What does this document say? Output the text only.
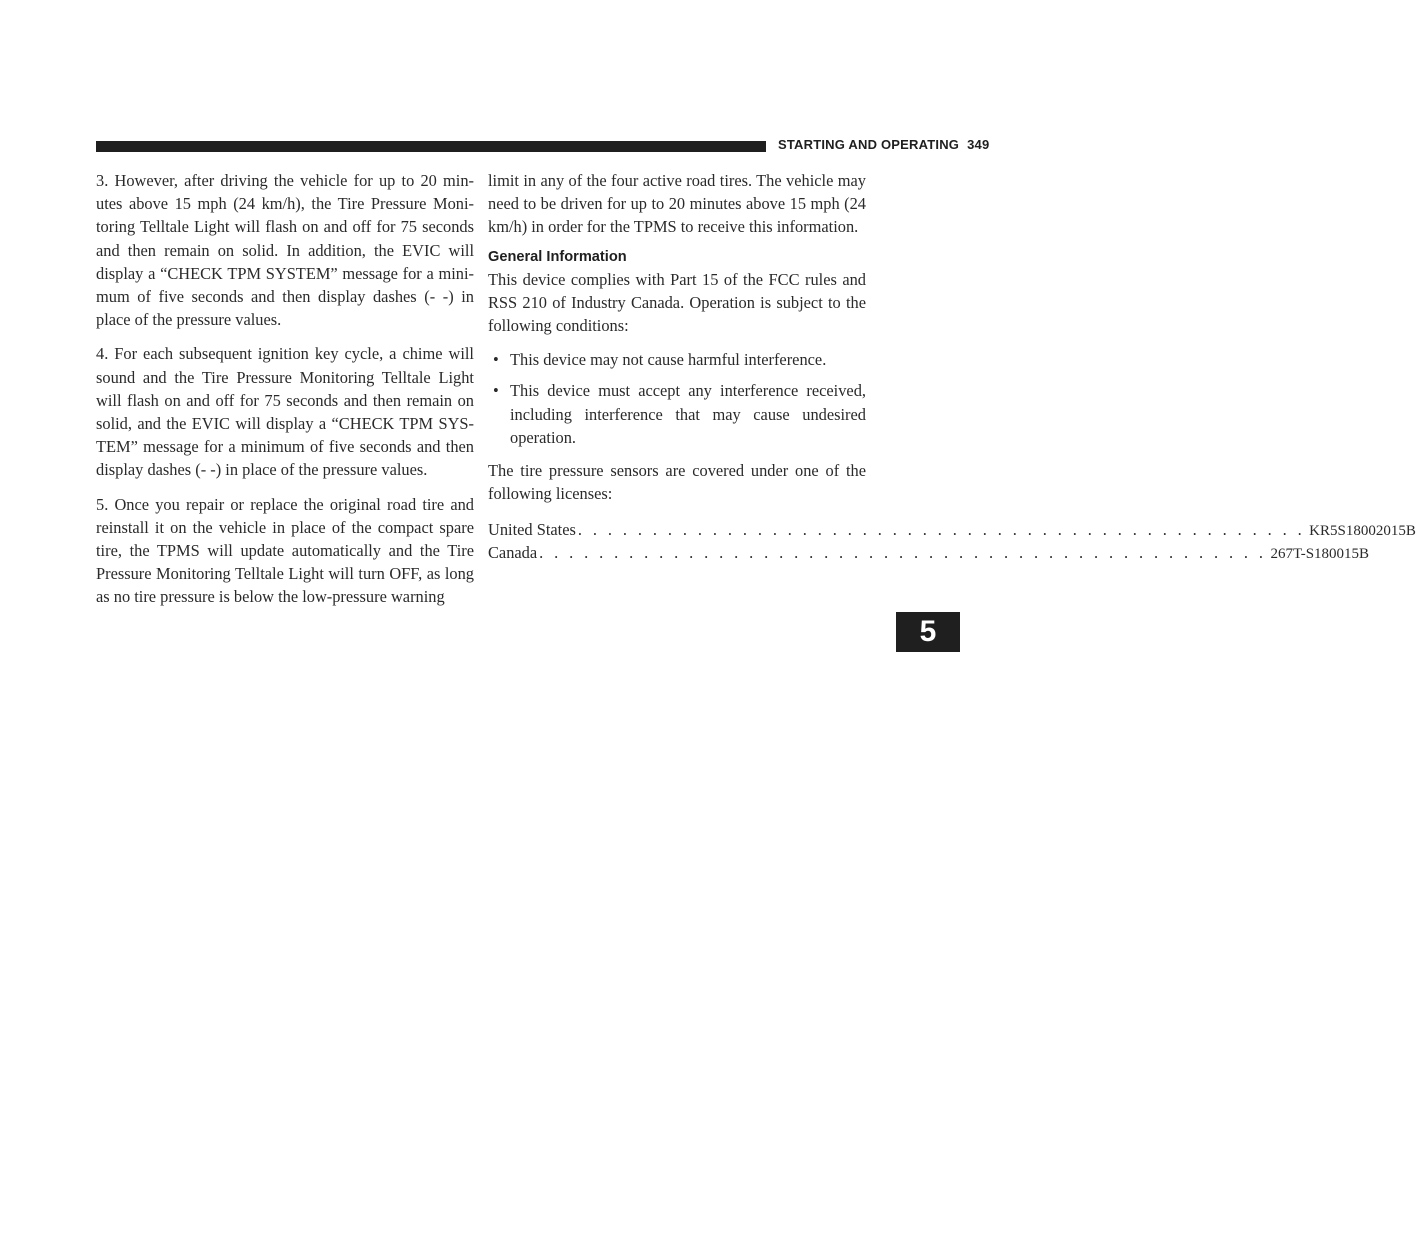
STARTING AND OPERATING 349
5

3. However, after driving the vehicle for up to 20 minutes above 15 mph (24 km/h), the Tire Pressure Monitoring Telltale Light will flash on and off for 75 seconds and then remain on solid. In addition, the EVIC will display a “CHECK TPM SYSTEM” message for a minimum of five seconds and then display dashes (- -) in place of the pressure values.

4. For each subsequent ignition key cycle, a chime will sound and the Tire Pressure Monitoring Telltale Light will flash on and off for 75 seconds and then remain on solid, and the EVIC will display a “CHECK TPM SYSTEM” message for a minimum of five seconds and then display dashes (- -) in place of the pressure values.

5. Once you repair or replace the original road tire and reinstall it on the vehicle in place of the compact spare tire, the TPMS will update automatically and the Tire Pressure Monitoring Telltale Light will turn OFF, as long as no tire pressure is below the low-pressure warning

limit in any of the four active road tires. The vehicle may need to be driven for up to 20 minutes above 15 mph (24 km/h) in order for the TPMS to receive this information.

General Information

This device complies with Part 15 of the FCC rules and RSS 210 of Industry Canada. Operation is subject to the following conditions:

• This device may not cause harmful interference.
• This device must accept any interference received, including interference that may cause undesired operation.

The tire pressure sensors are covered under one of the following licenses:

United States . . .	KR5S18002015B
Canada . . .	267T-S180015B
